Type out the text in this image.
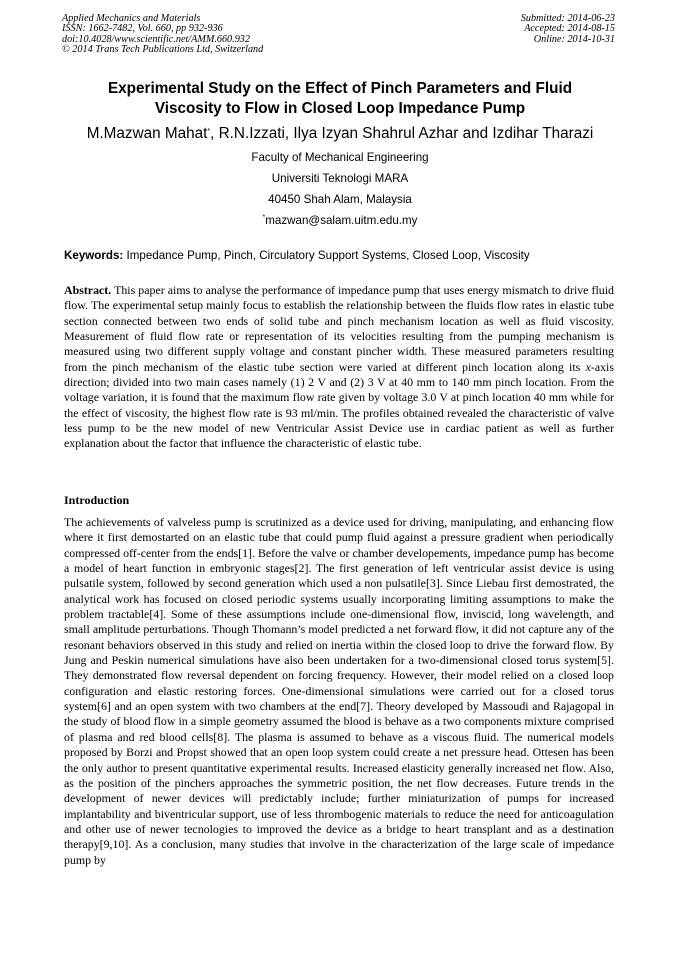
Applied Mechanics and Materials
ISSN: 1662-7482, Vol. 660, pp 932-936
doi:10.4028/www.scientific.net/AMM.660.932
© 2014 Trans Tech Publications Ltd, Switzerland
Submitted: 2014-06-23
Accepted: 2014-08-15
Online: 2014-10-31
Experimental Study on the Effect of Pinch Parameters and Fluid
Viscosity to Flow in Closed Loop Impedance Pump
M.Mazwan Mahat*, R.N.Izzati, Ilya Izyan Shahrul Azhar and Izdihar Tharazi
Faculty of Mechanical Engineering
Universiti Teknologi MARA
40450 Shah Alam, Malaysia
*mazwan@salam.uitm.edu.my
Keywords: Impedance Pump, Pinch, Circulatory Support Systems, Closed Loop, Viscosity
Abstract. This paper aims to analyse the performance of impedance pump that uses energy mismatch to drive fluid flow. The experimental setup mainly focus to establish the relationship between the fluids flow rates in elastic tube section connected between two ends of solid tube and pinch mechanism location as well as fluid viscosity. Measurement of fluid flow rate or representation of its velocities resulting from the pumping mechanism is measured using two different supply voltage and constant pincher width. These measured parameters resulting from the pinch mechanism of the elastic tube section were varied at different pinch location along its x-axis direction; divided into two main cases namely (1) 2 V and (2) 3 V at 40 mm to 140 mm pinch location. From the voltage variation, it is found that the maximum flow rate given by voltage 3.0 V at pinch location 40 mm while for the effect of viscosity, the highest flow rate is 93 ml/min. The profiles obtained revealed the characteristic of valve less pump to be the new model of new Ventricular Assist Device use in cardiac patient as well as further explanation about the factor that influence the characteristic of elastic tube.
Introduction
The achievements of valveless pump is scrutinized as a device used for driving, manipulating, and enhancing flow where it first demostarted on an elastic tube that could pump fluid against a pressure gradient when periodically compressed off-center from the ends[1]. Before the valve or chamber developements, impedance pump has become a model of heart function in embryonic stages[2]. The first generation of left ventricular assist device is using pulsatile system, followed by second generation which used a non pulsatile[3]. Since Liebau first demostrated, the analytical work has focused on closed periodic systems usually incorporating limiting assumptions to make the problem tractable[4]. Some of these assumptions include one-dimensional flow, inviscid, long wavelength, and small amplitude perturbations. Though Thomann’s model predicted a net forward flow, it did not capture any of the resonant behaviors observed in this study and relied on inertia within the closed loop to drive the forward flow. By Jung and Peskin numerical simulations have also been undertaken for a two-dimensional closed torus system[5]. They demonstrated flow reversal dependent on forcing frequency. However, their model relied on a closed loop configuration and elastic restoring forces. One-dimensional simulations were carried out for a closed torus system[6] and an open system with two chambers at the end[7]. Theory developed by Massoudi and Rajagopal in the study of blood flow in a simple geometry assumed the blood is behave as a two components mixture comprised of plasma and red blood cells[8]. The plasma is assumed to behave as a viscous fluid. The numerical models proposed by Borzi and Propst showed that an open loop system could create a net pressure head. Ottesen has been the only author to present quantitative experimental results. Increased elasticity generally increased net flow. Also, as the position of the pinchers approaches the symmetric position, the net flow decreases. Future trends in the development of newer devices will predictably include; further miniaturization of pumps for increased implantability and biventricular support, use of less thrombogenic materials to reduce the need for anticoagulation and other use of newer tecnologies to improved the device as a bridge to heart transplant and as a destination therapy[9,10]. As a conclusion, many studies that involve in the characterization of the large scale of impedance pump by
